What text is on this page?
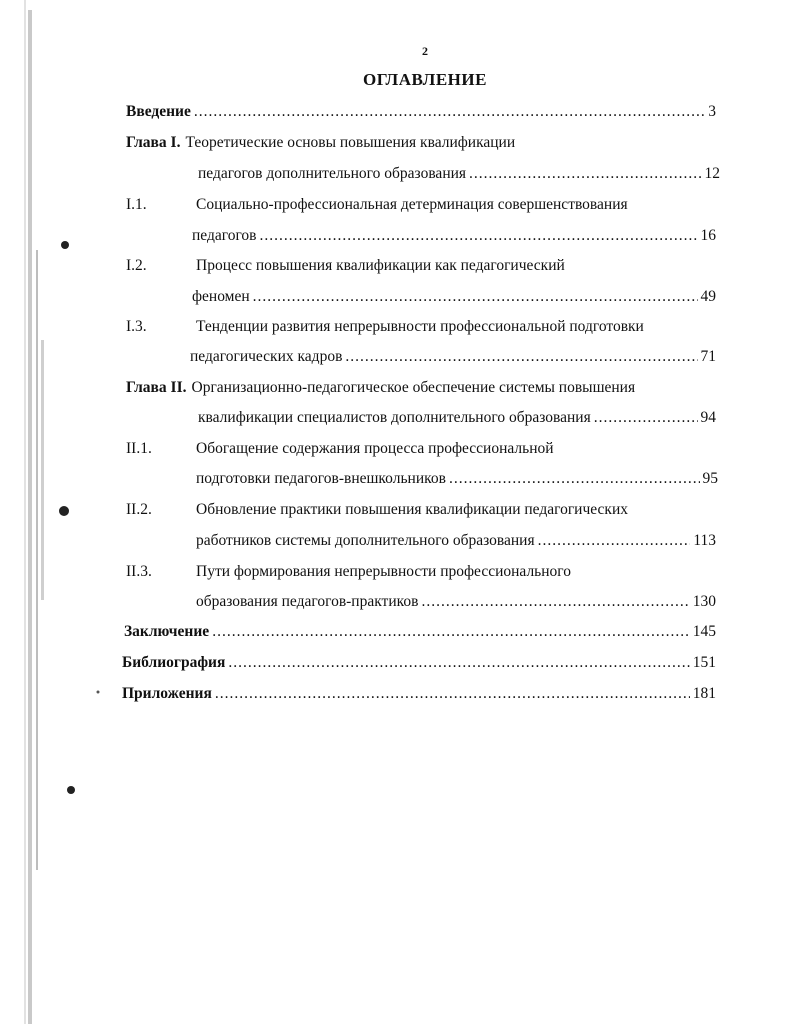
2
ОГЛАВЛЕНИЕ
Введение .....	3
Глава I. Теоретические основы повышения квалификации
педагогов дополнительного образования .....	12
I.1.	Социально-профессиональная детерминация совершенствования
педагогов .....	16
I.2.	Процесс повышения квалификации как педагогический
феномен .....	49
I.3.	Тенденции развития непрерывности профессиональной подготовки
педагогических кадров .....	71
Глава II. Организационно-педагогическое обеспечение системы повышения
квалификации специалистов дополнительного образования .....	94
II.1.	Обогащение содержания процесса профессиональной
подготовки педагогов-внешкольников .....	95
II.2.	Обновление практики повышения квалификации педагогических
работников системы дополнительного образования .....	113
II.3.	Пути формирования непрерывности профессионального
образования педагогов-практиков .....	130
Заключение .....	145
Библиография .....	151
Приложения .....	181
